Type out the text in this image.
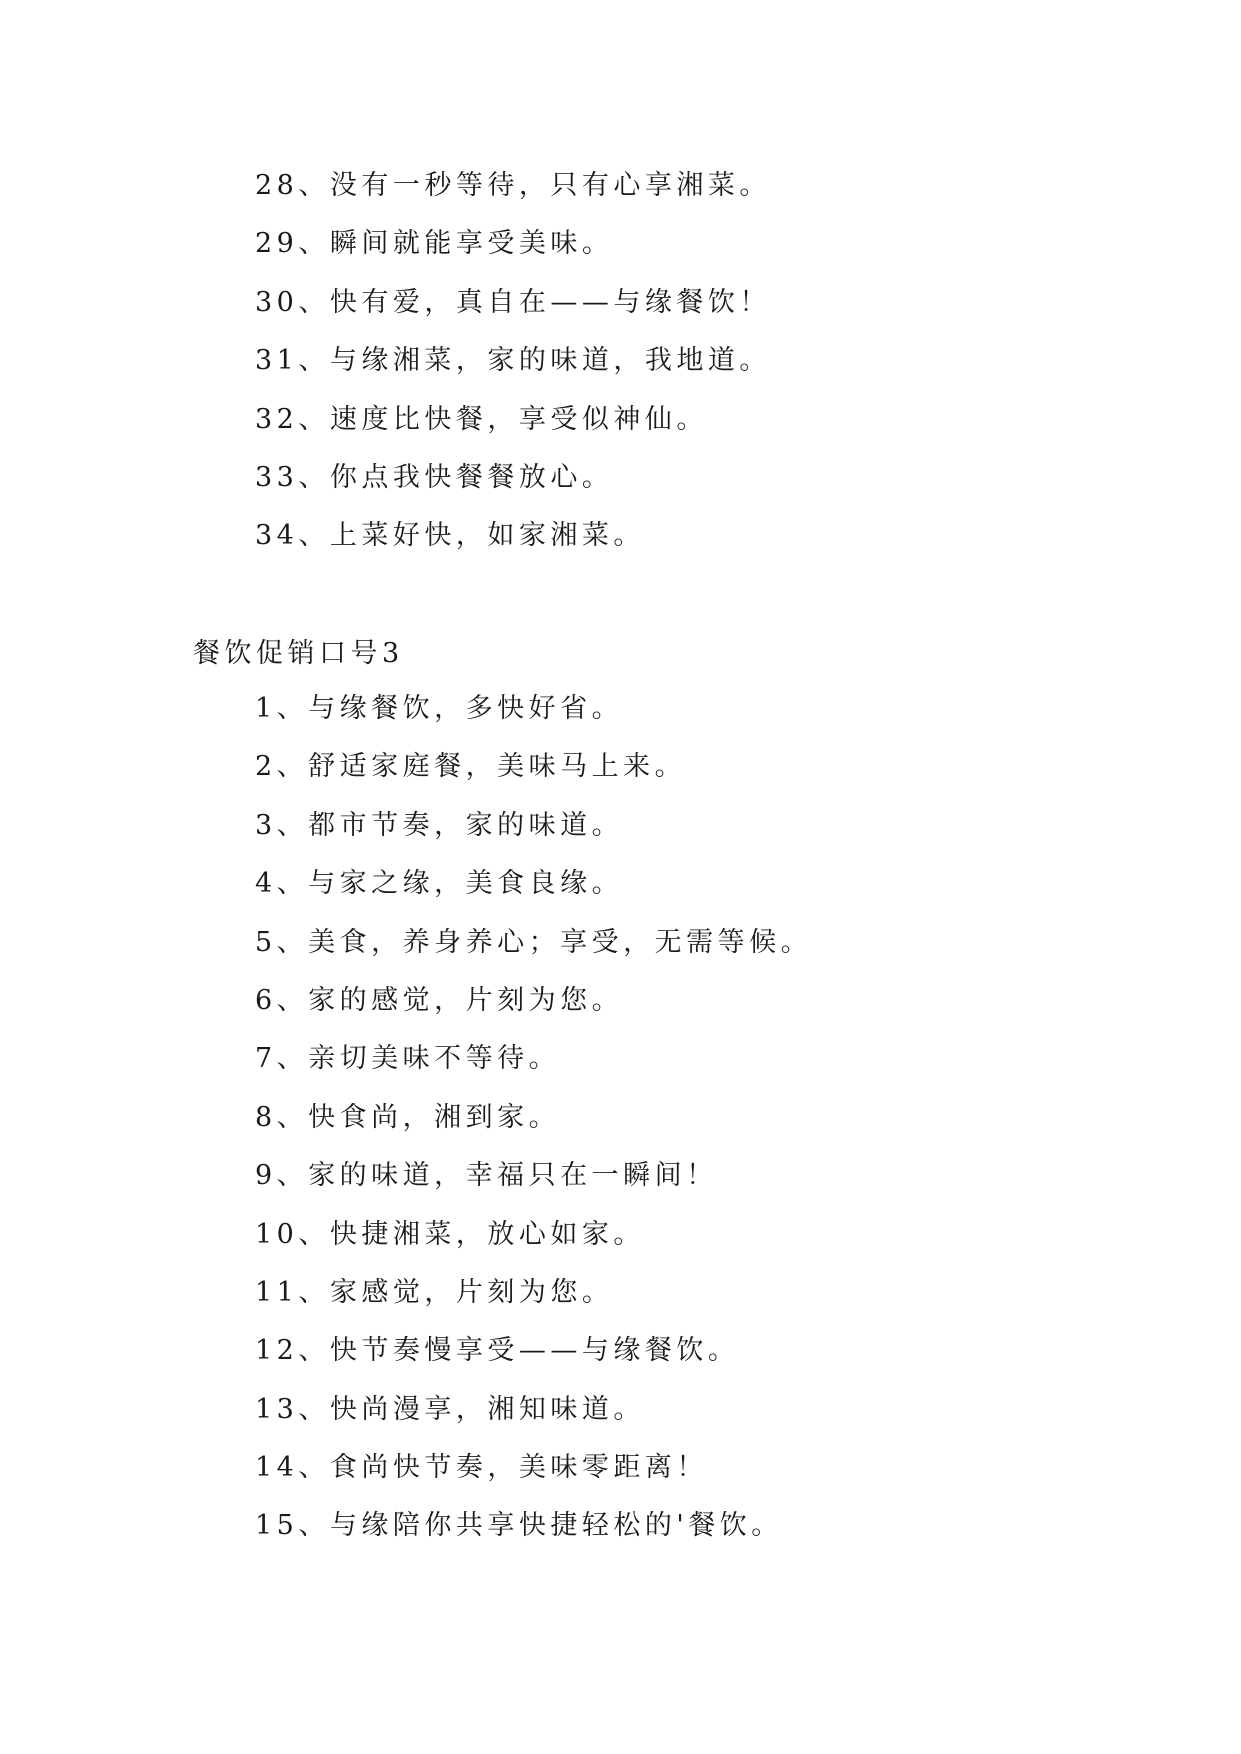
28、没有一秒等待，只有心享湘菜。
29、瞬间就能享受美味。
30、快有爱，真自在——与缘餐饮！
31、与缘湘菜，家的味道，我地道。
32、速度比快餐，享受似神仙。
33、你点我快餐餐放心。
34、上菜好快，如家湘菜。
餐饮促销口号3
1、与缘餐饮，多快好省。
2、舒适家庭餐，美味马上来。
3、都市节奏，家的味道。
4、与家之缘，美食良缘。
5、美食，养身养心；享受，无需等候。
6、家的感觉，片刻为您。
7、亲切美味不等待。
8、快食尚，湘到家。
9、家的味道，幸福只在一瞬间！
10、快捷湘菜，放心如家。
11、家感觉，片刻为您。
12、快节奏慢享受——与缘餐饮。
13、快尚漫享，湘知味道。
14、食尚快节奏，美味零距离！
15、与缘陪你共享快捷轻松的'餐饮。
